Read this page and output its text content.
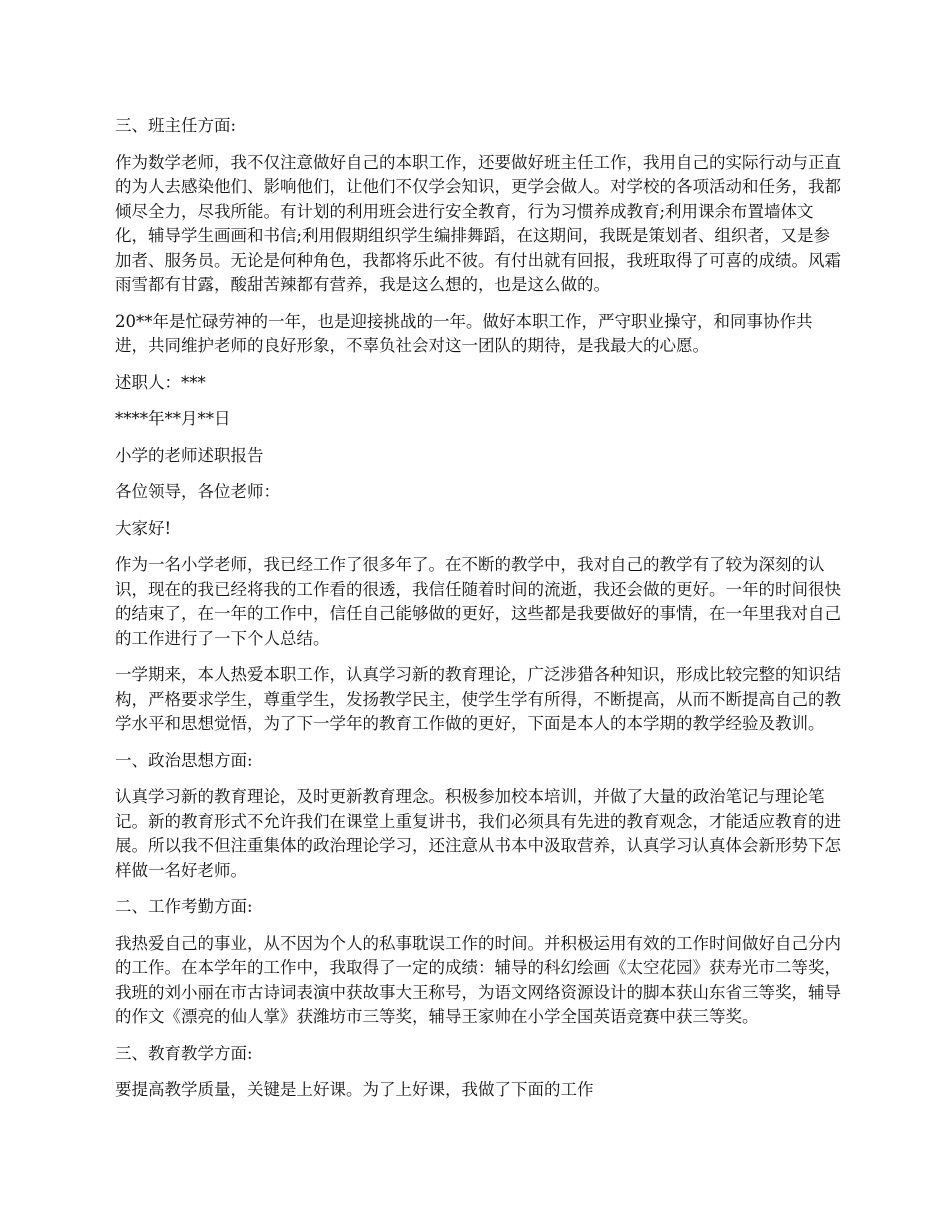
三、班主任方面:

作为数学老师，我不仅注意做好自己的本职工作，还要做好班主任工作，我用自己的实际行动与正直的为人去感染他们、影响他们，让他们不仅学会知识，更学会做人。对学校的各项活动和任务，我都倾尽全力，尽我所能。有计划的利用班会进行安全教育，行为习惯养成教育;利用课余布置墙体文化，辅导学生画画和书信;利用假期组织学生编排舞蹈，在这期间，我既是策划者、组织者，又是参加者、服务员。无论是何种角色，我都将乐此不彼。有付出就有回报，我班取得了可喜的成绩。风霜雨雪都有甘露，酸甜苦辣都有营养，我是这么想的，也是这么做的。

20**年是忙碌劳神的一年，也是迎接挑战的一年。做好本职工作，严守职业操守，和同事协作共进，共同维护老师的良好形象，不辜负社会对这一团队的期待，是我最大的心愿。

述职人：***

****年**月**日

小学的老师述职报告

各位领导，各位老师：

大家好!

作为一名小学老师，我已经工作了很多年了。在不断的教学中，我对自己的教学有了较为深刻的认识，现在的我已经将我的工作看的很透，我信任随着时间的流逝，我还会做的更好。一年的时间很快的结束了，在一年的工作中，信任自己能够做的更好，这些都是我要做好的事情，在一年里我对自己的工作进行了一下个人总结。

一学期来，本人热爱本职工作，认真学习新的教育理论，广泛涉猎各种知识，形成比较完整的知识结构，严格要求学生，尊重学生，发扬教学民主，使学生学有所得，不断提高，从而不断提高自己的教学水平和思想觉悟，为了下一学年的教育工作做的更好，下面是本人的本学期的教学经验及教训。

一、政治思想方面:

认真学习新的教育理论，及时更新教育理念。积极参加校本培训，并做了大量的政治笔记与理论笔记。新的教育形式不允许我们在课堂上重复讲书，我们必须具有先进的教育观念，才能适应教育的进展。所以我不但注重集体的政治理论学习，还注意从书本中汲取营养，认真学习认真体会新形势下怎样做一名好老师。

二、工作考勤方面:

我热爱自己的事业，从不因为个人的私事耽误工作的时间。并积极运用有效的工作时间做好自己分内的工作。在本学年的工作中，我取得了一定的成绩：辅导的科幻绘画《太空花园》获寿光市二等奖，我班的刘小丽在市古诗词表演中获故事大王称号，为语文网络资源设计的脚本获山东省三等奖，辅导的作文《漂亮的仙人掌》获潍坊市三等奖，辅导王家帅在小学全国英语竞赛中获三等奖。

三、教育教学方面:

要提高教学质量，关键是上好课。为了上好课，我做了下面的工作
